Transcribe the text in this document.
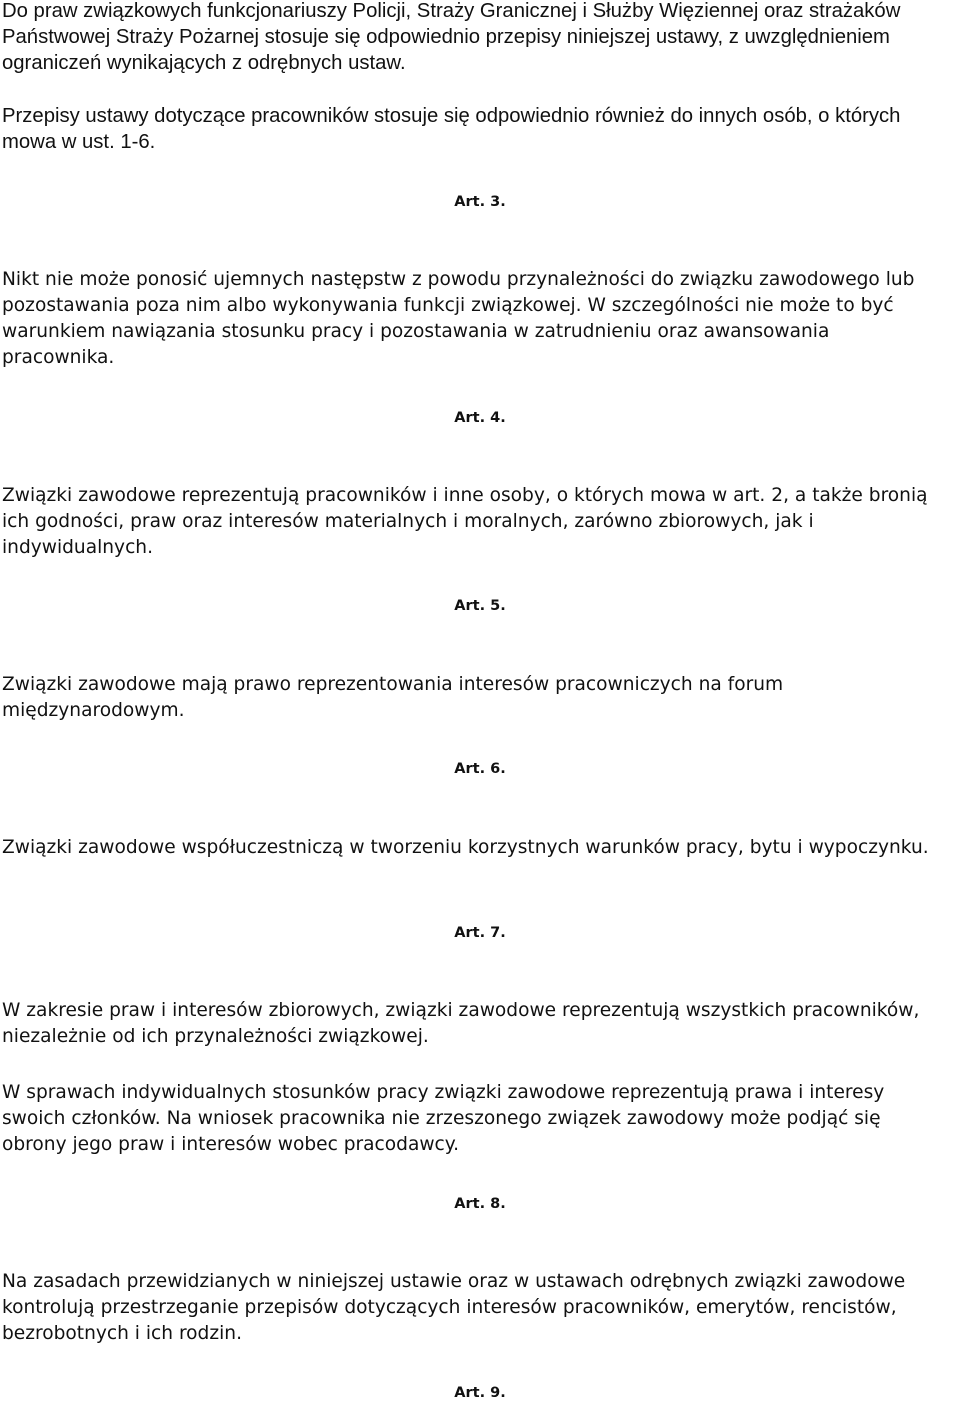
Do praw związkowych funkcjonariuszy Policji, Straży Granicznej i Służby Więziennej oraz strażaków Państwowej Straży Pożarnej stosuje się odpowiednio przepisy niniejszej ustawy, z uwzględnieniem ograniczeń wynikających z odrębnych ustaw.

Przepisy ustawy dotyczące pracowników stosuje się odpowiednio również do innych osób, o których mowa w ust. 1-6.

Art. 3.

Nikt nie może ponosić ujemnych następstw z powodu przynależności do związku zawodowego lub pozostawania poza nim albo wykonywania funkcji związkowej. W szczególności nie może to być warunkiem nawiązania stosunku pracy i pozostawania w zatrudnieniu oraz awansowania pracownika.

Art. 4.

Związki zawodowe reprezentują pracowników i inne osoby, o których mowa w art. 2, a także bronią ich godności, praw oraz interesów materialnych i moralnych, zarówno zbiorowych, jak i indywidualnych.

Art. 5.

Związki zawodowe mają prawo reprezentowania interesów pracowniczych na forum międzynarodowym.

Art. 6.

Związki zawodowe współuczestniczą w tworzeniu korzystnych warunków pracy, bytu i wypoczynku.

Art. 7.

W zakresie praw i interesów zbiorowych, związki zawodowe reprezentują wszystkich pracowników, niezależnie od ich przynależności związkowej.

W sprawach indywidualnych stosunków pracy związki zawodowe reprezentują prawa i interesy swoich członków. Na wniosek pracownika nie zrzeszonego związek zawodowy może podjąć się obrony jego praw i interesów wobec pracodawcy.

Art. 8.

Na zasadach przewidzianych w niniejszej ustawie oraz w ustawach odrębnych związki zawodowe kontrolują przestrzeganie przepisów dotyczących interesów pracowników, emerytów, rencistów, bezrobotnych i ich rodzin.

Art. 9.
